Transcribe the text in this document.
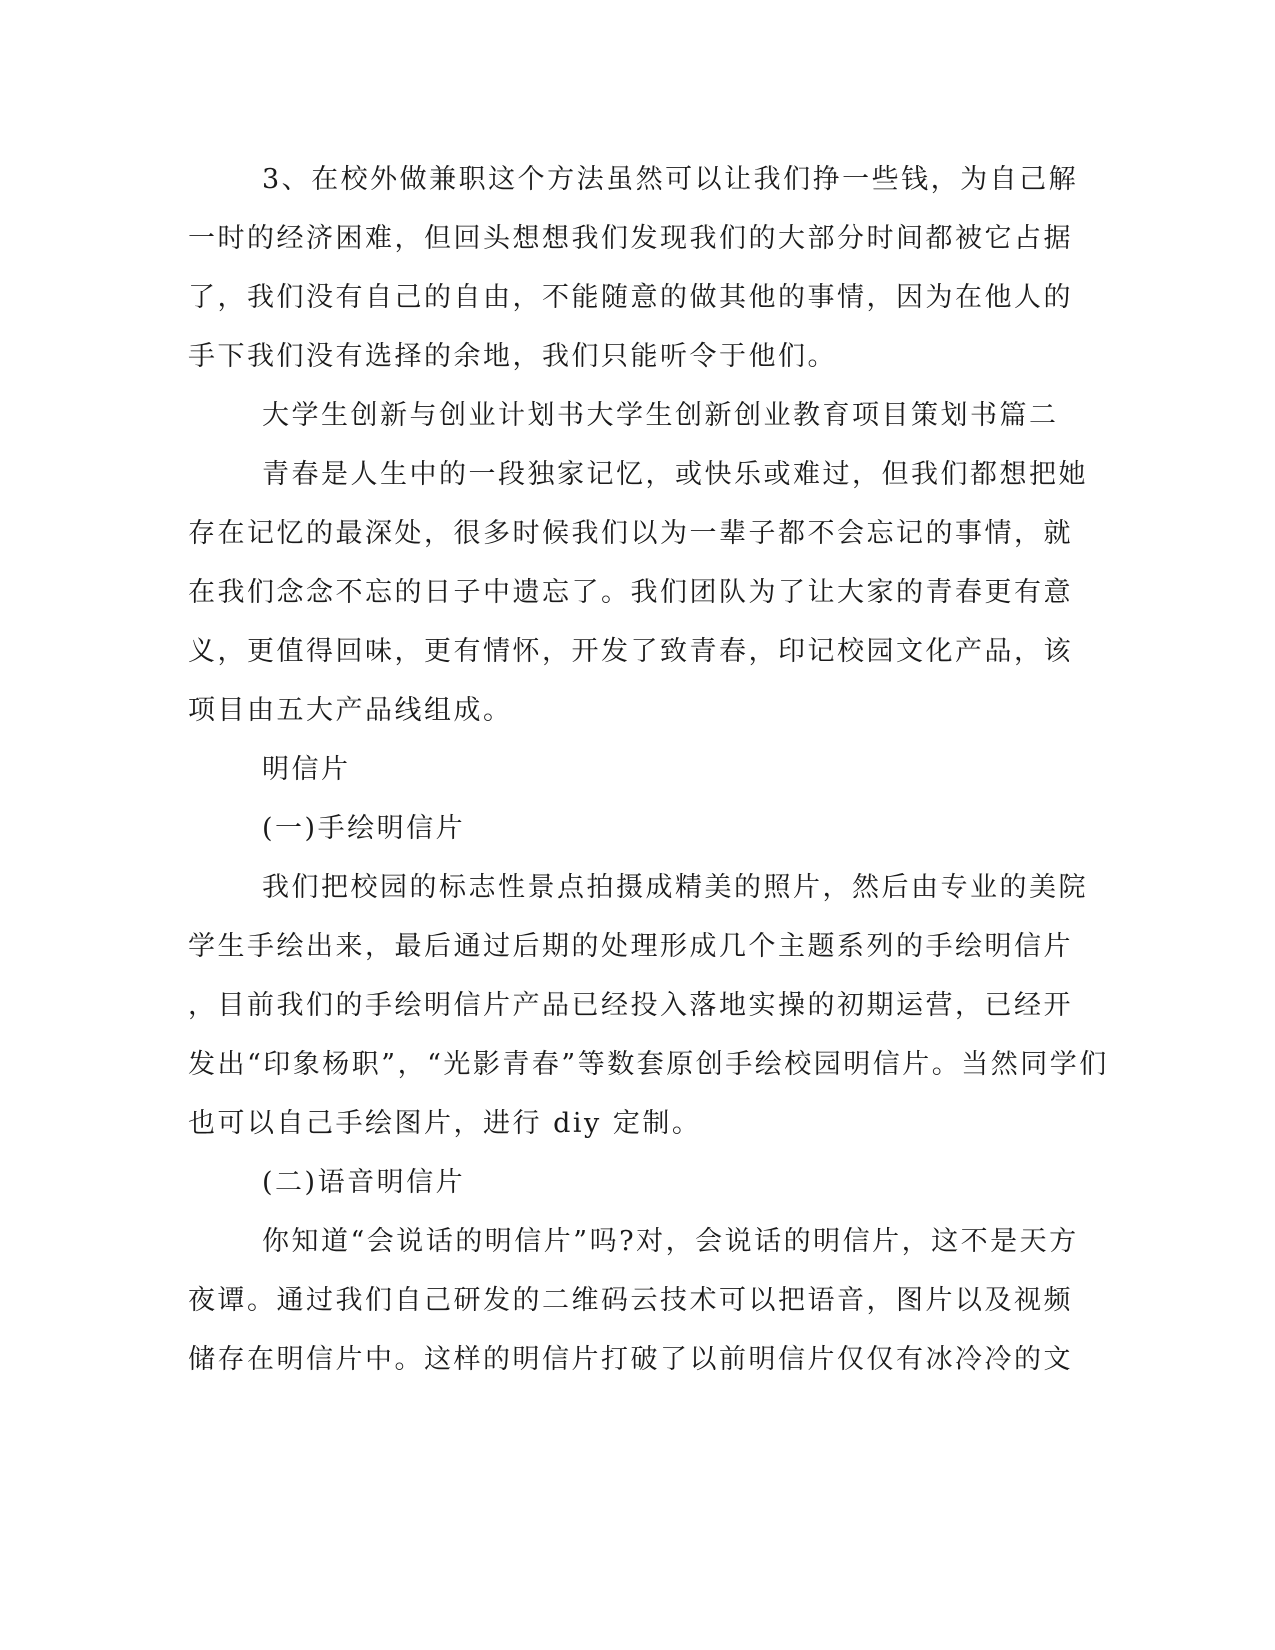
3、在校外做兼职这个方法虽然可以让我们挣一些钱，为自己解
一时的经济困难，但回头想想我们发现我们的大部分时间都被它占据
了，我们没有自己的自由，不能随意的做其他的事情，因为在他人的
手下我们没有选择的余地，我们只能听令于他们。
大学生创新与创业计划书大学生创新创业教育项目策划书篇二
青春是人生中的一段独家记忆，或快乐或难过，但我们都想把她
存在记忆的最深处，很多时候我们以为一辈子都不会忘记的事情，就
在我们念念不忘的日子中遗忘了。我们团队为了让大家的青春更有意
义，更值得回味，更有情怀，开发了致青春，印记校园文化产品，该
项目由五大产品线组成。
明信片
(一)手绘明信片
我们把校园的标志性景点拍摄成精美的照片，然后由专业的美院
学生手绘出来，最后通过后期的处理形成几个主题系列的手绘明信片
，目前我们的手绘明信片产品已经投入落地实操的初期运营，已经开
发出“印象杨职”，“光影青春”等数套原创手绘校园明信片。当然同学们
也可以自己手绘图片，进行 diy 定制。
(二)语音明信片
你知道“会说话的明信片”吗?对，会说话的明信片，这不是天方
夜谭。通过我们自己研发的二维码云技术可以把语音，图片以及视频
储存在明信片中。这样的明信片打破了以前明信片仅仅有冰冷冷的文
